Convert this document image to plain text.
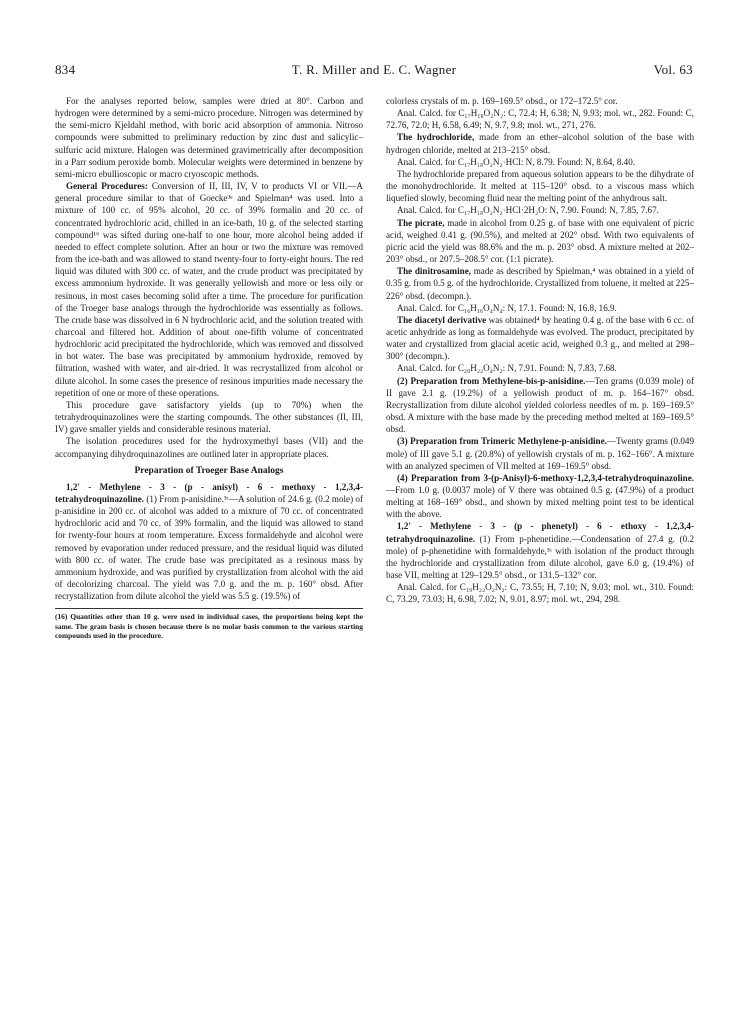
834	T. R. Miller and E. C. Wagner	Vol. 63

For the analyses reported below, samples were dried at 80°. Carbon and hydrogen were determined by a semi-micro procedure. Nitrogen was determined by the semi-micro Kjeldahl method, with boric acid absorption of ammonia. Nitroso compounds were submitted to preliminary reduction by zinc dust and salicylic–sulfuric acid mixture. Halogen was determined gravimetrically after decomposition in a Parr sodium peroxide bomb. Molecular weights were determined in benzene by semi-micro ebullioscopic or macro cryoscopic methods.

General Procedures: Conversion of II, III, IV, V to products VI or VII.—A general procedure similar to that of Goecke³ᵉ and Spielman⁴ was used. Into a mixture of 100 cc. of 95% alcohol, 20 cc. of 39% formalin and 20 cc. of concentrated hydrochloric acid, chilled in an ice-bath, 10 g. of the selected starting compound¹⁶ was sifted during one-half to one hour, more alcohol being added if needed to effect complete solution. After an hour or two the mixture was removed from the ice-bath and was allowed to stand twenty-four to forty-eight hours. The red liquid was diluted with 300 cc. of water, and the crude product was precipitated by excess ammonium hydroxide. It was generally yellowish and more or less oily or resinous, in most cases becoming solid after a time. The procedure for purification of the Troeger base analogs through the hydrochloride was essentially as follows. The crude base was dissolved in 6 N hydrochloric acid, and the solution treated with charcoal and filtered hot. Addition of about one-fifth volume of concentrated hydrochloric acid precipitated the hydrochloride, which was removed and dissolved in hot water. The base was precipitated by ammonium hydroxide, removed by filtration, washed with water, and air-dried. It was recrystallized from alcohol or dilute alcohol. In some cases the presence of resinous impurities made necessary the repetition of one or more of these operations.

This procedure gave satisfactory yields (up to 70%) when the tetrahydroquinazolines were the starting compounds. The other substances (II, III, IV) gave smaller yields and considerable resinous material.

The isolation procedures used for the hydroxymethyl bases (VII) and the accompanying dihydroquinazolines are outlined later in appropriate places.

Preparation of Troeger Base Analogs

1,2′ - Methylene - 3 - (p - anisyl) - 6 - methoxy - 1,2,3,4-tetrahydroquinazoline. (1) From p-anisidine.³ᶜ—A solution of 24.6 g. (0.2 mole) of p-anisidine in 200 cc. of alcohol was added to a mixture of 70 cc. of concentrated hydrochloric acid and 70 cc. of 39% formalin, and the liquid was allowed to stand for twenty-four hours at room temperature. Excess formaldehyde and alcohol were removed by evaporation under reduced pressure, and the residual liquid was diluted with 800 cc. of water. The crude base was precipitated as a resinous mass by ammonium hydroxide, and was purified by crystallization from alcohol with the aid of decolorizing charcoal. The yield was 7.0 g. and the m. p. 160° obsd. After recrystallization from dilute alcohol the yield was 5.5 g. (19.5%) of

(16) Quantities other than 10 g. were used in individual cases, the proportions being kept the same. The gram basis is chosen because there is no molar basis common to the various starting compounds used in the procedure.

colorless crystals of m. p. 169–169.5° obsd., or 172–172.5° cor.

Anal. Calcd. for C₁₇H₁₈O₂N₂: C, 72.4; H, 6.38; N, 9.93; mol. wt., 282. Found: C, 72.76, 72.0; H, 6.58, 6.49; N, 9.7, 9.8; mol. wt., 271, 276.

The hydrochloride, made from an ether–alcohol solution of the base with hydrogen chloride, melted at 213–215° obsd.

Anal. Calcd. for C₁₇H₁₈O₂N₂·HCl: N, 8.79. Found: N, 8.64, 8.40.

The hydrochloride prepared from aqueous solution appears to be the dihydrate of the monohydrochloride. It melted at 115–120° obsd. to a viscous mass which liquefied slowly, becoming fluid near the melting point of the anhydrous salt.

Anal. Calcd. for C₁₇H₁₈O₂N₂·HCl·2H₂O: N, 7.90. Found: N, 7.85, 7.67.

The picrate, made in alcohol from 0.25 g. of base with one equivalent of picric acid, weighed 0.41 g. (90.5%), and melted at 202° obsd. With two equivalents of picric acid the yield was 88.6% and the m. p. 203° obsd. A mixture melted at 202–203° obsd., or 207.5–208.5° cor. (1:1 picrate).

The dinitrosamine, made as described by Spielman,⁴ was obtained in a yield of 0.35 g. from 0.5 g. of the hydrochloride. Crystallized from toluene, it melted at 225–226° obsd. (decompn.).

Anal. Calcd. for C₁₆H₁₆O₄N₄: N, 17.1. Found: N, 16.8, 16.9.

The diacetyl derivative was obtained⁴ by heating 0.4 g. of the base with 6 cc. of acetic anhydride as long as formaldehyde was evolved. The product, precipitated by water and crystallized from glacial acetic acid, weighed 0.3 g., and melted at 298–300° (decompn.).

Anal. Calcd. for C₂₀H₂₂O₄N₂: N, 7.91. Found: N, 7.83, 7.68.

(2) Preparation from Methylene-bis-p-anisidine.—Ten grams (0.039 mole) of II gave 2.1 g. (19.2%) of a yellowish product of m. p. 164–167° obsd. Recrystallization from dilute alcohol yielded colorless needles of m. p. 169–169.5° obsd. A mixture with the base made by the preceding method melted at 169–169.5° obsd.

(3) Preparation from Trimeric Methylene-p-anisidine.—Twenty grams (0.049 mole) of III gave 5.1 g. (20.8%) of yellowish crystals of m. p. 162–166°. A mixture with an analyzed specimen of VII melted at 169–169.5° obsd.

(4) Preparation from 3-(p-Anisyl)-6-methoxy-1,2,3,4-tetrahydroquinazoline.—From 1.0 g. (0.0037 mole) of V there was obtained 0.5 g. (47.9%) of a product melting at 168–169° obsd., and shown by mixed melting point test to be identical with the above.

1,2′ - Methylene - 3 - (p - phenetyl) - 6 - ethoxy - 1,2,3,4-tetrahydroquinazoline. (1) From p-phenetidine.—Condensation of 27.4 g. (0.2 mole) of p-phenetidine with formaldehyde,³ᶜ with isolation of the product through the hydrochloride and crystallization from dilute alcohol, gave 6.0 g. (19.4%) of base VII, melting at 129–129.5° obsd., or 131.5–132° cor.

Anal. Calcd. for C₁₉H₂₂O₂N₂: C, 73.55; H, 7.10; N, 9.03; mol. wt., 310. Found: C, 73.29, 73.03; H, 6.98, 7.02; N, 9.01, 8.97; mol. wt., 294, 298.
